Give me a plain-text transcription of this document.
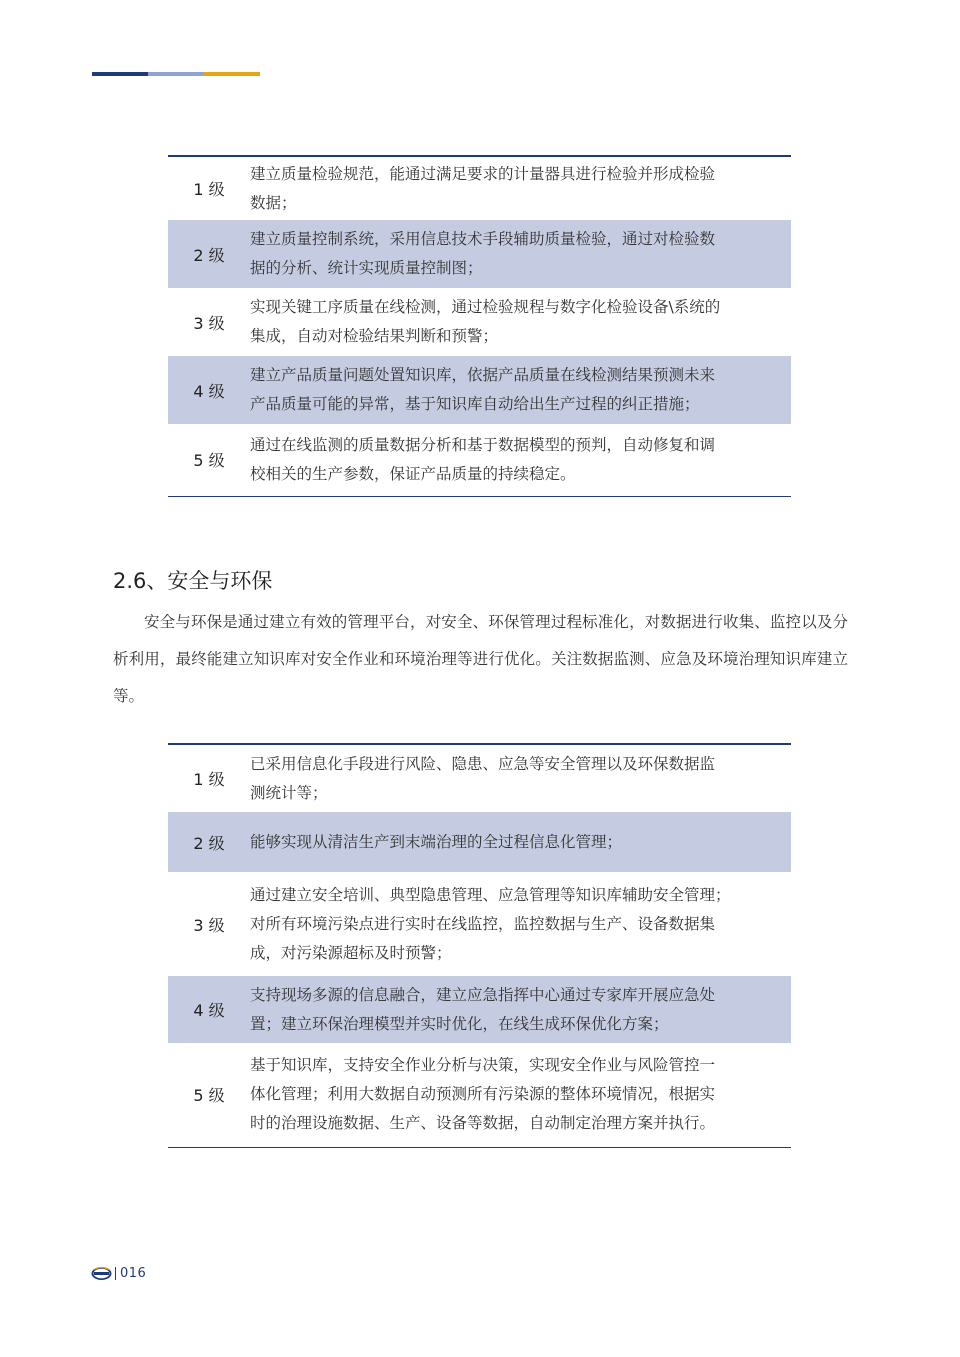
1 级	建立质量检验规范，能通过满足要求的计量器具进行检验并形成检验
数据；

2 级	建立质量控制系统，采用信息技术手段辅助质量检验，通过对检验数
据的分析、统计实现质量控制图；

3 级	实现关键工序质量在线检测，通过检验规程与数字化检验设备\系统的
集成，自动对检验结果判断和预警；

4 级	建立产品质量问题处置知识库，依据产品质量在线检测结果预测未来
产品质量可能的异常，基于知识库自动给出生产过程的纠正措施；

5 级	通过在线监测的质量数据分析和基于数据模型的预判，自动修复和调
校相关的生产参数，保证产品质量的持续稳定。
2.6、安全与环保

安全与环保是通过建立有效的管理平台，对安全、环保管理过程标准化，对数据进行收集、监控以及分析利用，最终能建立知识库对安全作业和环境治理等进行优化。关注数据监测、应急及环境治理知识库建立等。

1 级	已采用信息化手段进行风险、隐患、应急等安全管理以及环保数据监
测统计等；

2 级	能够实现从清洁生产到末端治理的全过程信息化管理；

3 级	通过建立安全培训、典型隐患管理、应急管理等知识库辅助安全管理；
对所有环境污染点进行实时在线监控，监控数据与生产、设备数据集
成，对污染源超标及时预警；

4 级	支持现场多源的信息融合，建立应急指挥中心通过专家库开展应急处
置；建立环保治理模型并实时优化，在线生成环保优化方案；

5 级	基于知识库，支持安全作业分析与决策，实现安全作业与风险管控一
体化管理；利用大数据自动预测所有污染源的整体环境情况，根据实
时的治理设施数据、生产、设备等数据，自动制定治理方案并执行。
016
